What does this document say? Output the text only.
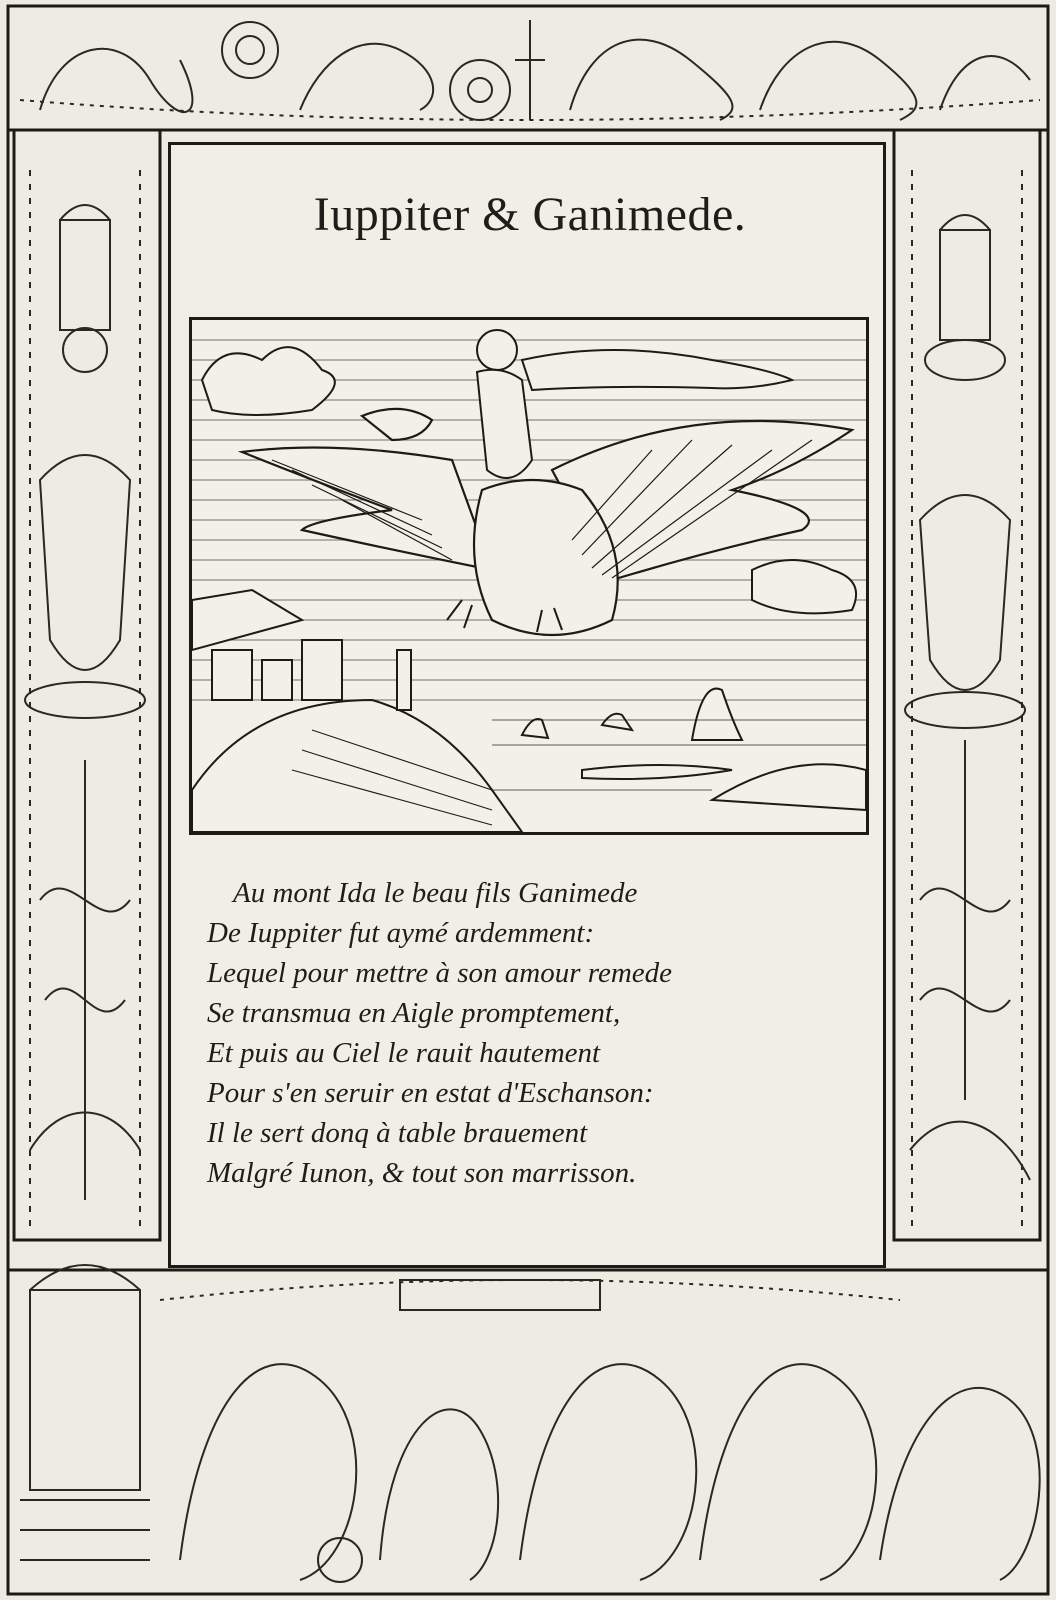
Iuppiter & Ganimede.
Au mont Ida le beau fils Ganimede
De Iuppiter fut aymé ardemment:
Lequel pour mettre à son amour remede
Se transmua en Aigle promptement,
Et puis au Ciel le rauit hautement
Pour s'en seruir en estat d'Eschanson:
Il le sert donq à table brauement
Malgré Iunon, & tout son marrisson.
